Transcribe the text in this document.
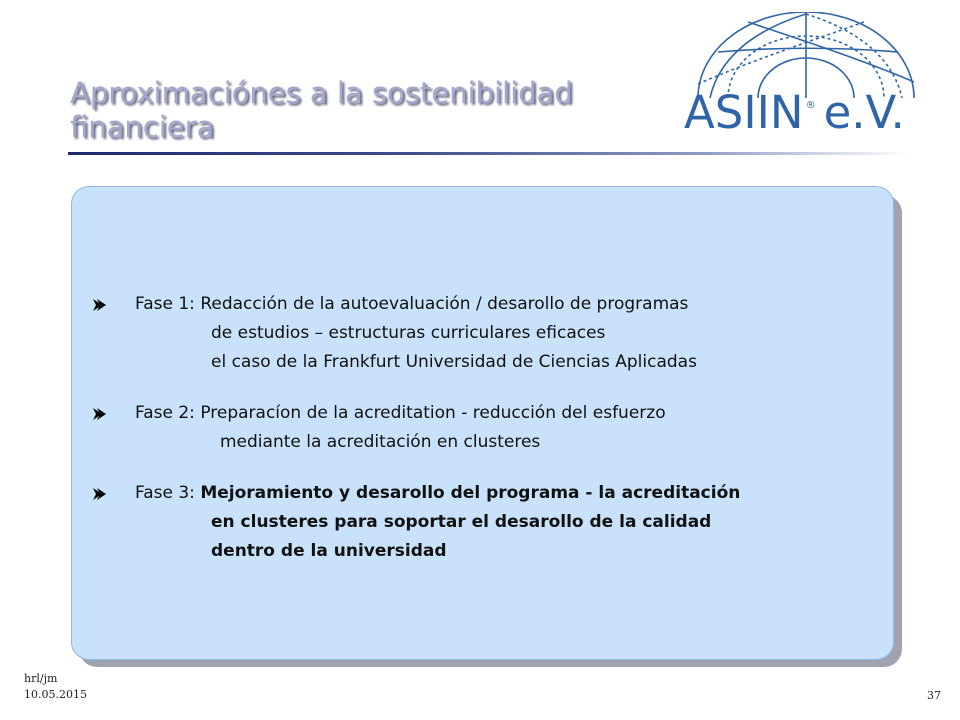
Aproximaciónes a la sostenibilidad
financiera	ASIIN ® e.V.
Fase 1: Redacción de la autoevaluación / desarollo de programas
de estudios – estructuras curriculares eficaces
el caso de la Frankfurt Universidad de Ciencias Aplicadas
Fase 2: Preparacíon de la acreditation - reducción del esfuerzo
mediante la acreditación en clusteres
Fase 3: Mejoramiento y desarollo del programa - la acreditación
en clusteres para soportar el desarollo de la calidad
dentro de la universidad
hrl/jm
10.05.2015	37
